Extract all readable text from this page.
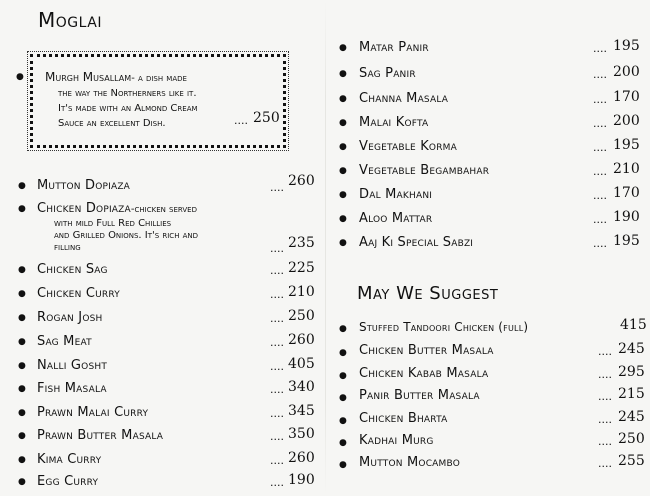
Moglai
● Murgh Musallam- a dish made
the way the Northerners like it.
It's made with an Almond Cream
Sauce an excellent Dish.	.... 250
● Mutton Dopiaza	.... 260
● Chicken Dopiaza-chicken served
with mild Full Red Chillies
and Grilled Onions. It's rich and
filling	.... 235
● Chicken Sag	.... 225
● Chicken Curry	.... 210
● Rogan Josh	.... 250
● Sag Meat	.... 260
● Nalli Gosht	.... 405
● Fish Masala	.... 340
● Prawn Malai Curry	.... 345
● Prawn Butter Masala	.... 350
● Kima Curry	.... 260
● Egg Curry	.... 190
● Matar Panir	.... 195
● Sag Panir	.... 200
● Channa Masala	.... 170
● Malai Kofta	.... 200
● Vegetable Korma	.... 195
● Vegetable Begambahar	.... 210
● Dal Makhani	.... 170
● Aloo Mattar	.... 190
● Aaj Ki Special Sabzi	.... 195
May We Suggest
● Stuffed Tandoori Chicken (full)	415
● Chicken Butter Masala	.... 245
● Chicken Kabab Masala	.... 295
● Panir Butter Masala	.... 215
● Chicken Bharta	.... 245
● Kadhai Murg	.... 250
● Mutton Mocambo	.... 255
